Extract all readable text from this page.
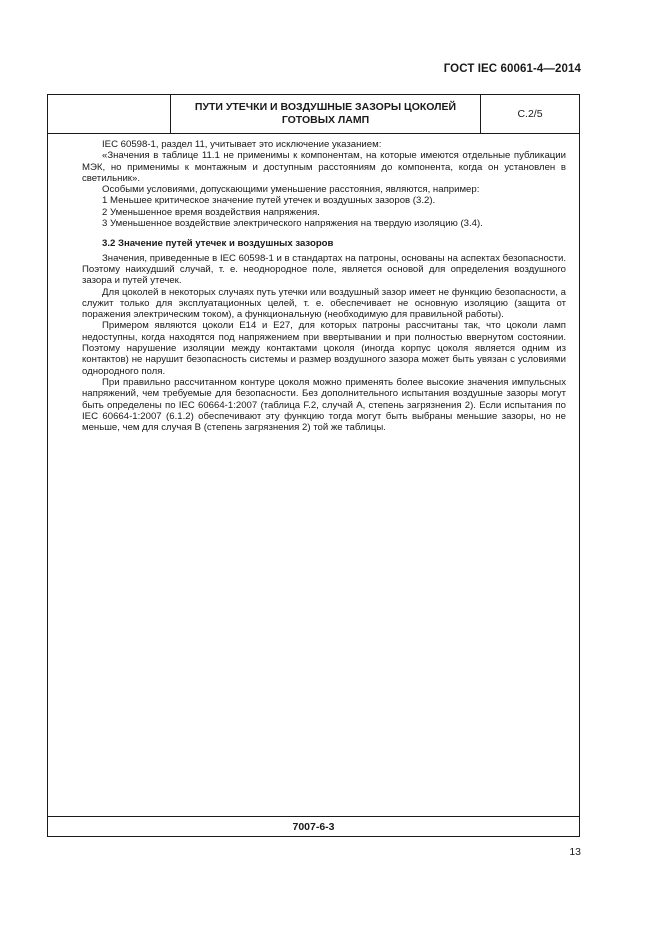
ГОСТ IEC 60061-4—2014
ПУТИ УТЕЧКИ И ВОЗДУШНЫЕ ЗАЗОРЫ ЦОКОЛЕЙ
ГОТОВЫХ ЛАМП	С.2/5

IEC 60598-1, раздел 11, учитывает это исключение указанием:

«Значения в таблице 11.1 не применимы к компонентам, на которые имеются отдельные публикации МЭК, но применимы к монтажным и доступным расстояниям до компонента, когда он установлен в светильник».

Особыми условиями, допускающими уменьшение расстояния, являются, например:

1 Меньшее критическое значение путей утечек и воздушных зазоров (3.2).

2 Уменьшенное время воздействия напряжения.

3 Уменьшенное воздействие электрического напряжения на твердую изоляцию (3.4).

3.2 Значение путей утечек и воздушных зазоров

Значения, приведенные в IEC 60598-1 и в стандартах на патроны, основаны на аспектах безопасности. Поэтому наихудший случай, т. е. неоднородное поле, является основой для определения воздушного зазора и путей утечек.

Для цоколей в некоторых случаях путь утечки или воздушный зазор имеет не функцию безопасности, а служит только для эксплуатационных целей, т. е. обеспечивает не основную изоляцию (защита от поражения электрическим током), а функциональную (необходимую для правильной работы).

Примером являются цоколи E14 и E27, для которых патроны рассчитаны так, что цоколи ламп недоступны, когда находятся под напряжением при ввертывании и при полностью ввернутом состоянии. Поэтому нарушение изоляции между контактами цоколя (иногда корпус цоколя является одним из контактов) не нарушит безопасность системы и размер воздушного зазора может быть увязан с условиями однородного поля.

При правильно рассчитанном контуре цоколя можно применять более высокие значения импульсных напряжений, чем требуемые для безопасности. Без дополнительного испытания воздушные зазоры могут быть определены по IEC 60664-1:2007 (таблица F.2, случай А, степень загрязнения 2). Если испытания по IEC 60664-1:2007 (6.1.2) обеспечивают эту функцию тогда могут быть выбраны меньшие зазоры, но не меньше, чем для случая В (степень загрязнения 2) той же таблицы.

7007-6-3
13
